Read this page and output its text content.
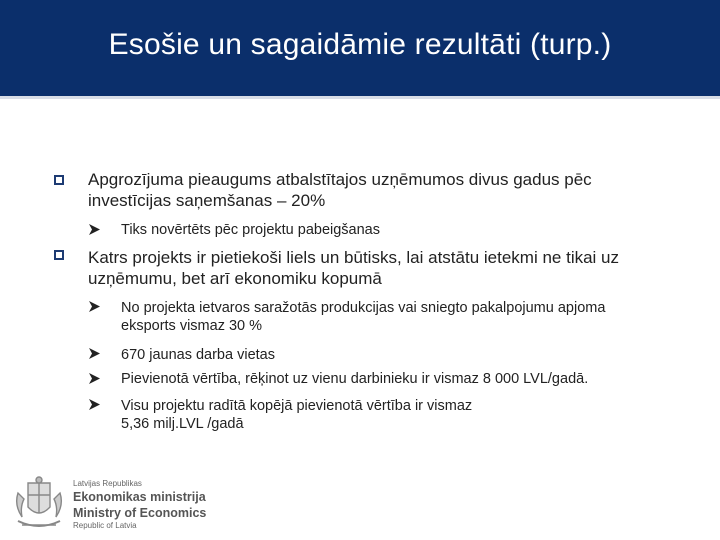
Esošie un sagaidāmie rezultāti (turp.)
Apgrozījuma pieaugums atbalstītajos uzņēmumos divus gadus pēc investīcijas saņemšanas – 20%
Tiks novērtēts pēc projektu pabeigšanas
Katrs projekts ir pietiekoši liels un būtisks, lai atstātu ietekmi ne tikai uz uzņēmumu, bet arī ekonomiku kopumā
No projekta ietvaros saražotās produkcijas vai sniegto pakalpojumu apjoma eksports vismaz 30 %
670 jaunas darba vietas
Pievienotā vērtība, rēķinot uz vienu darbinieku ir vismaz 8 000 LVL/gadā.
Visu projektu radītā kopējā pievienotā vērtība ir vismaz 5,36 milj.LVL /gadā
Latvijas Republikas
Ekonomikas ministrija
Ministry of Economics
Republic of Latvia
